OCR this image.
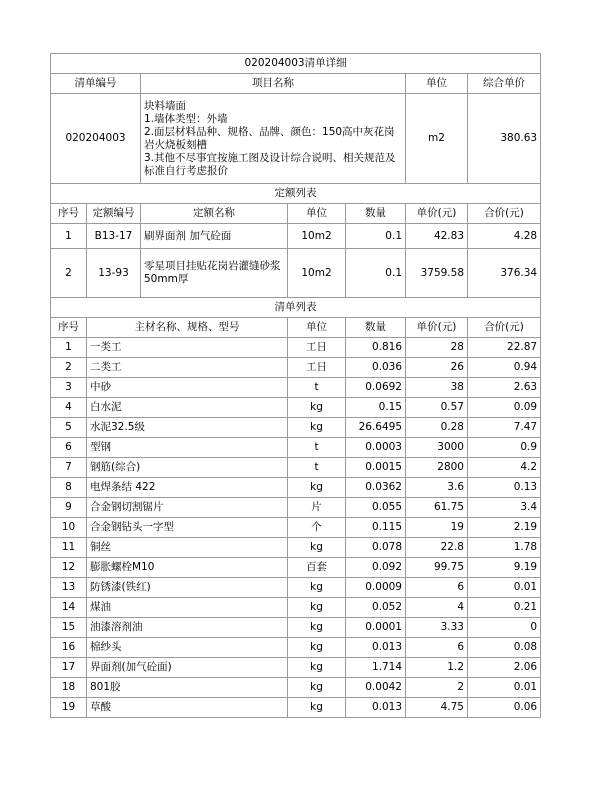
020204003清单详细						
清单编号		项目名称			单位	综合单价
020204003		块料墙面
1.墙体类型：外墙
2.面层材料品种、规格、品牌、颜色：150高中灰花岗岩火烧板刻槽
3.其他不尽事宜按施工图及设计综合说明、相关规范及标准自行考虑报价			m2	380.63
定额列表						
序号	定额编号	定额名称	单位	数量	单价(元)	合价(元)
1	B13-17	刷界面剂 加气砼面	10m2	0.1	42.83	4.28
2	13-93	零星项目挂贴花岗岩灌缝砂浆50mm厚	10m2	0.1	3759.58	376.34
清单列表						
序号	主材名称、规格、型号		单位	数量	单价(元)	合价(元)
1	一类工		工日	0.816	28	22.87
2	二类工		工日	0.036	26	0.94
3	中砂		t	0.0692	38	2.63
4	白水泥		kg	0.15	0.57	0.09
5	水泥32.5级		kg	26.6495	0.28	7.47
6	型钢		t	0.0003	3000	0.9
7	钢筋(综合)		t	0.0015	2800	4.2
8	电焊条结 422		kg	0.0362	3.6	0.13
9	合金钢切割锯片		片	0.055	61.75	3.4
10	合金钢钻头一字型		个	0.115	19	2.19
11	铜丝		kg	0.078	22.8	1.78
12	膨胀螺栓M10		百套	0.092	99.75	9.19
13	防锈漆(铁红)		kg	0.0009	6	0.01
14	煤油		kg	0.052	4	0.21
15	油漆溶剂油		kg	0.0001	3.33	0
16	棉纱头		kg	0.013	6	0.08
17	界面剂(加气砼面)		kg	1.714	1.2	2.06
18	801胶		kg	0.0042	2	0.01
19	草酸		kg	0.013	4.75	0.06
